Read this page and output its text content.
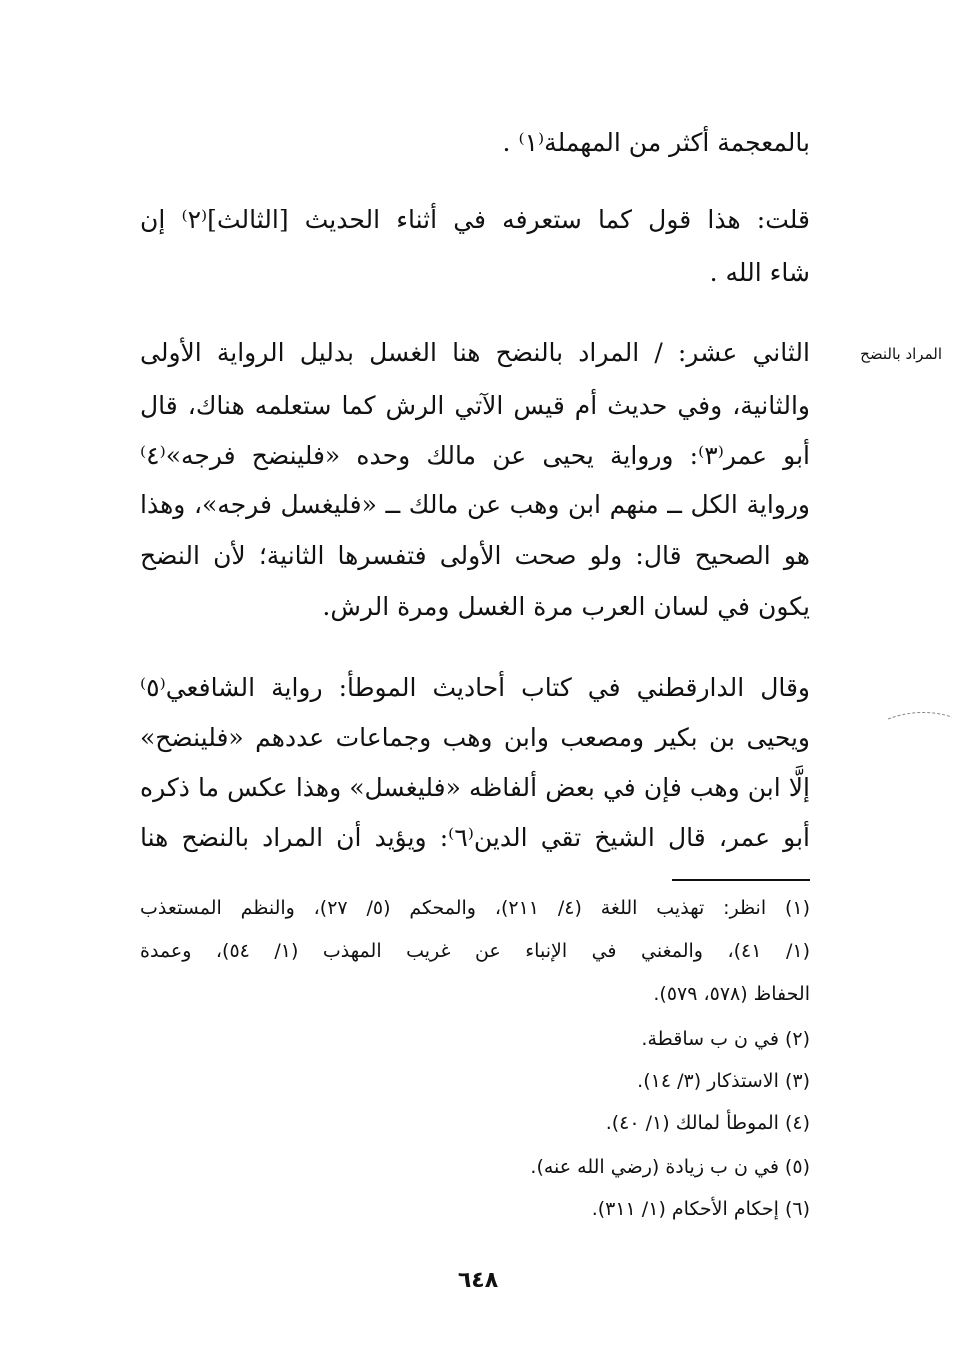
بالمعجمة أكثر من المهملة⁽١⁾ .
قلت: هذا قول كما ستعرفه في أثناء الحديث [الثالث]⁽٢⁾ إن
شاء الله .
الثاني عشر: / المراد بالنضح هنا الغسل بدليل الرواية الأولى
والثانية، وفي حديث أم قيس الآتي الرش كما ستعلمه هناك، قال
أبو عمر⁽٣⁾: ورواية يحيى عن مالك وحده «فلينضح فرجه»⁽٤⁾
ورواية الكل ــ منهم ابن وهب عن مالك ــ «فليغسل فرجه»، وهذا
هو الصحيح قال: ولو صحت الأولى فتفسرها الثانية؛ لأن النضح
يكون في لسان العرب مرة الغسل ومرة الرش.
وقال الدارقطني في كتاب أحاديث الموطأ: رواية الشافعي⁽٥⁾
ويحيى بن بكير ومصعب وابن وهب وجماعات عددهم «فلينضح»
إلَّا ابن وهب فإن في بعض ألفاظه «فليغسل» وهذا عكس ما ذكره
أبو عمر، قال الشيخ تقي الدين⁽٦⁾: ويؤيد أن المراد بالنضح هنا
المراد بالنضح
(١) انظر: تهذيب اللغة (٤/ ٢١١)، والمحكم (٥/ ٢٧)، والنظم المستعذب
(١/ ٤١)، والمغني في الإنباء عن غريب المهذب (١/ ٥٤)، وعمدة
الحفاظ (٥٧٨، ٥٧٩).
(٢) في ن ب ساقطة.
(٣) الاستذكار (٣/ ١٤).
(٤) الموطأ لمالك (١/ ٤٠).
(٥) في ن ب زيادة (رضي الله عنه).
(٦) إحكام الأحكام (١/ ٣١١).
٦٤٨
